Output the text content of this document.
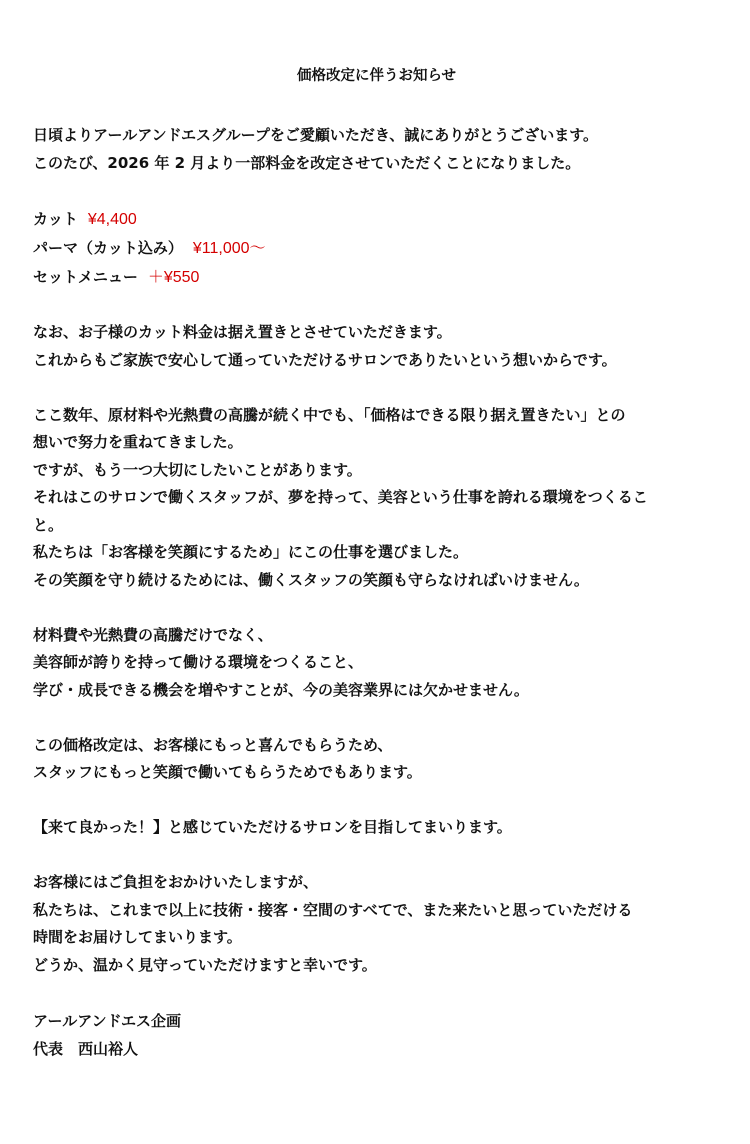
価格改定に伴うお知らせ
日頃よりアールアンドエスグループをご愛顧いただき、誠にありがとうございます。
このたび、2026 年 2 月より一部料金を改定させていただくことになりました。
カット ¥4,400
パーマ（カット込み） ¥11,000〜
セットメニュー ＋¥550
なお、お子様のカット料金は据え置きとさせていただきます。
これからもご家族で安心して通っていただけるサロンでありたいという想いからです。
ここ数年、原材料や光熱費の高騰が続く中でも、「価格はできる限り据え置きたい」との
想いで努力を重ねてきました。
ですが、もう一つ大切にしたいことがあります。
それはこのサロンで働くスタッフが、夢を持って、美容という仕事を誇れる環境をつくるこ
と。
私たちは「お客様を笑顔にするため」にこの仕事を選びました。
その笑顔を守り続けるためには、働くスタッフの笑顔も守らなければいけません。
材料費や光熱費の高騰だけでなく、
美容師が誇りを持って働ける環境をつくること、
学び・成長できる機会を増やすことが、今の美容業界には欠かせません。
この価格改定は、お客様にもっと喜んでもらうため、
スタッフにもっと笑顔で働いてもらうためでもあります。
【来て良かった！】と感じていただけるサロンを目指してまいります。
お客様にはご負担をおかけいたしますが、
私たちは、これまで以上に技術・接客・空間のすべてで、また来たいと思っていただける
時間をお届けしてまいります。
どうか、温かく見守っていただけますと幸いです。
アールアンドエス企画
代表　西山裕人
